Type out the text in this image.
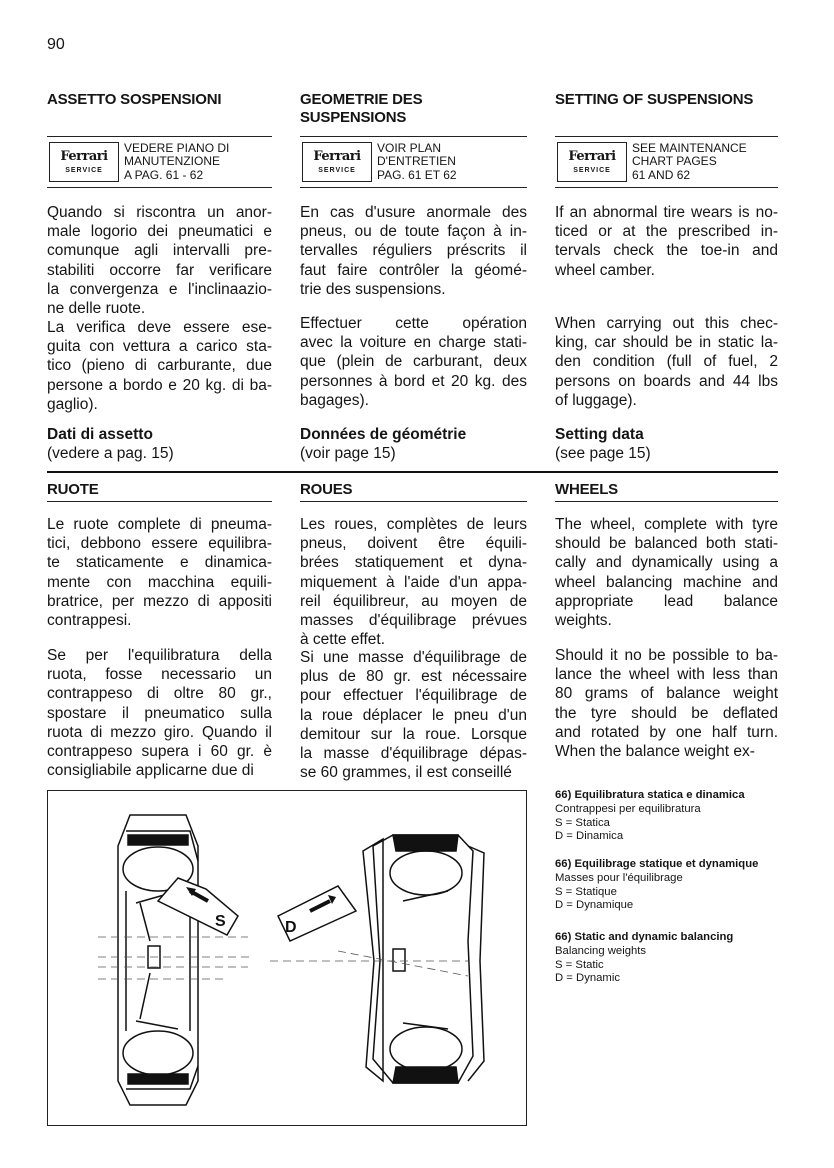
90
ASSETTO SOSPENSIONI	GEOMETRIE DES
SUSPENSIONS
SETTING OF SUSPENSIONS
Ferrari
SERVICE
VEDERE PIANO DI
MANUTENZIONE
A PAG. 61 - 62
Ferrari
SERVICE
VOIR PLAN
D'ENTRETIEN
PAG. 61 ET 62
Ferrari
SERVICE
SEE MAINTENANCE
CHART PAGES
61 AND 62
Quando si riscontra un anor-
male logorio dei pneumatici e
comunque agli intervalli pre-
stabiliti occorre far verificare
la convergenza e l'inclinaazio-
ne delle ruote.
La verifica deve essere ese-
guita con vettura a carico sta-
tico (pieno di carburante, due
persone a bordo e 20 kg. di ba-
gaglio).
En cas d'usure anormale des
pneus, ou de toute façon à in-
tervalles réguliers préscrits il
faut faire contrôler la géomé-
trie des suspensions.
Effectuer cette opération
avec la voiture en charge stati-
que (plein de carburant, deux
personnes à bord et 20 kg. des
bagages).
If an abnormal tire wears is no-
ticed or at the prescribed in-
tervals check the toe-in and
wheel camber.
When carrying out this chec-
king, car should be in static la-
den condition (full of fuel, 2
persons on boards and 44 lbs
of luggage).
Dati di assetto
(vedere a pag. 15)
Données de géométrie
(voir page 15)
Setting data
(see page 15)
RUOTE	ROUES	WHEELS
Le ruote complete di pneuma-
tici, debbono essere equilibra-
te staticamente e dinamica-
mente con macchina equili-
bratrice, per mezzo di appositi
contrappesi.
Se per l'equilibratura della
ruota, fosse necessario un
contrappeso di oltre 80 gr.,
spostare il pneumatico sulla
ruota di mezzo giro. Quando il
contrappeso supera i 60 gr. è
consigliabile applicarne due di
Les roues, complètes de leurs
pneus, doivent être équili-
brées statiquement et dyna-
miquement à l'aide d'un appa-
reil équilibreur, au moyen de
masses d'équilibrage prévues
à cette effet.
Si une masse d'équilibrage de
plus de 80 gr. est nécessaire
pour effectuer l'équilibrage de
la roue déplacer le pneu d'un
demitour sur la roue. Lorsque
la masse d'équilibrage dépas-
se 60 grammes, il est conseillé
The wheel, complete with tyre
should be balanced both stati-
cally and dynamically using a
wheel balancing machine and
appropriate lead balance
weights.
Should it no be possible to ba-
lance the wheel with less than
80 grams of balance weight
the tyre should be deflated
and rotated by one half turn.
When the balance weight ex-
S	D
66) Equilibratura statica e dinamica
Contrappesi per equilibratura
S = Statica
D = Dinamica
66) Equilibrage statique et dynamique
Masses pour l'équilibrage
S = Statique
D = Dynamique
66) Static and dynamic balancing
Balancing weights
S = Static
D = Dynamic
